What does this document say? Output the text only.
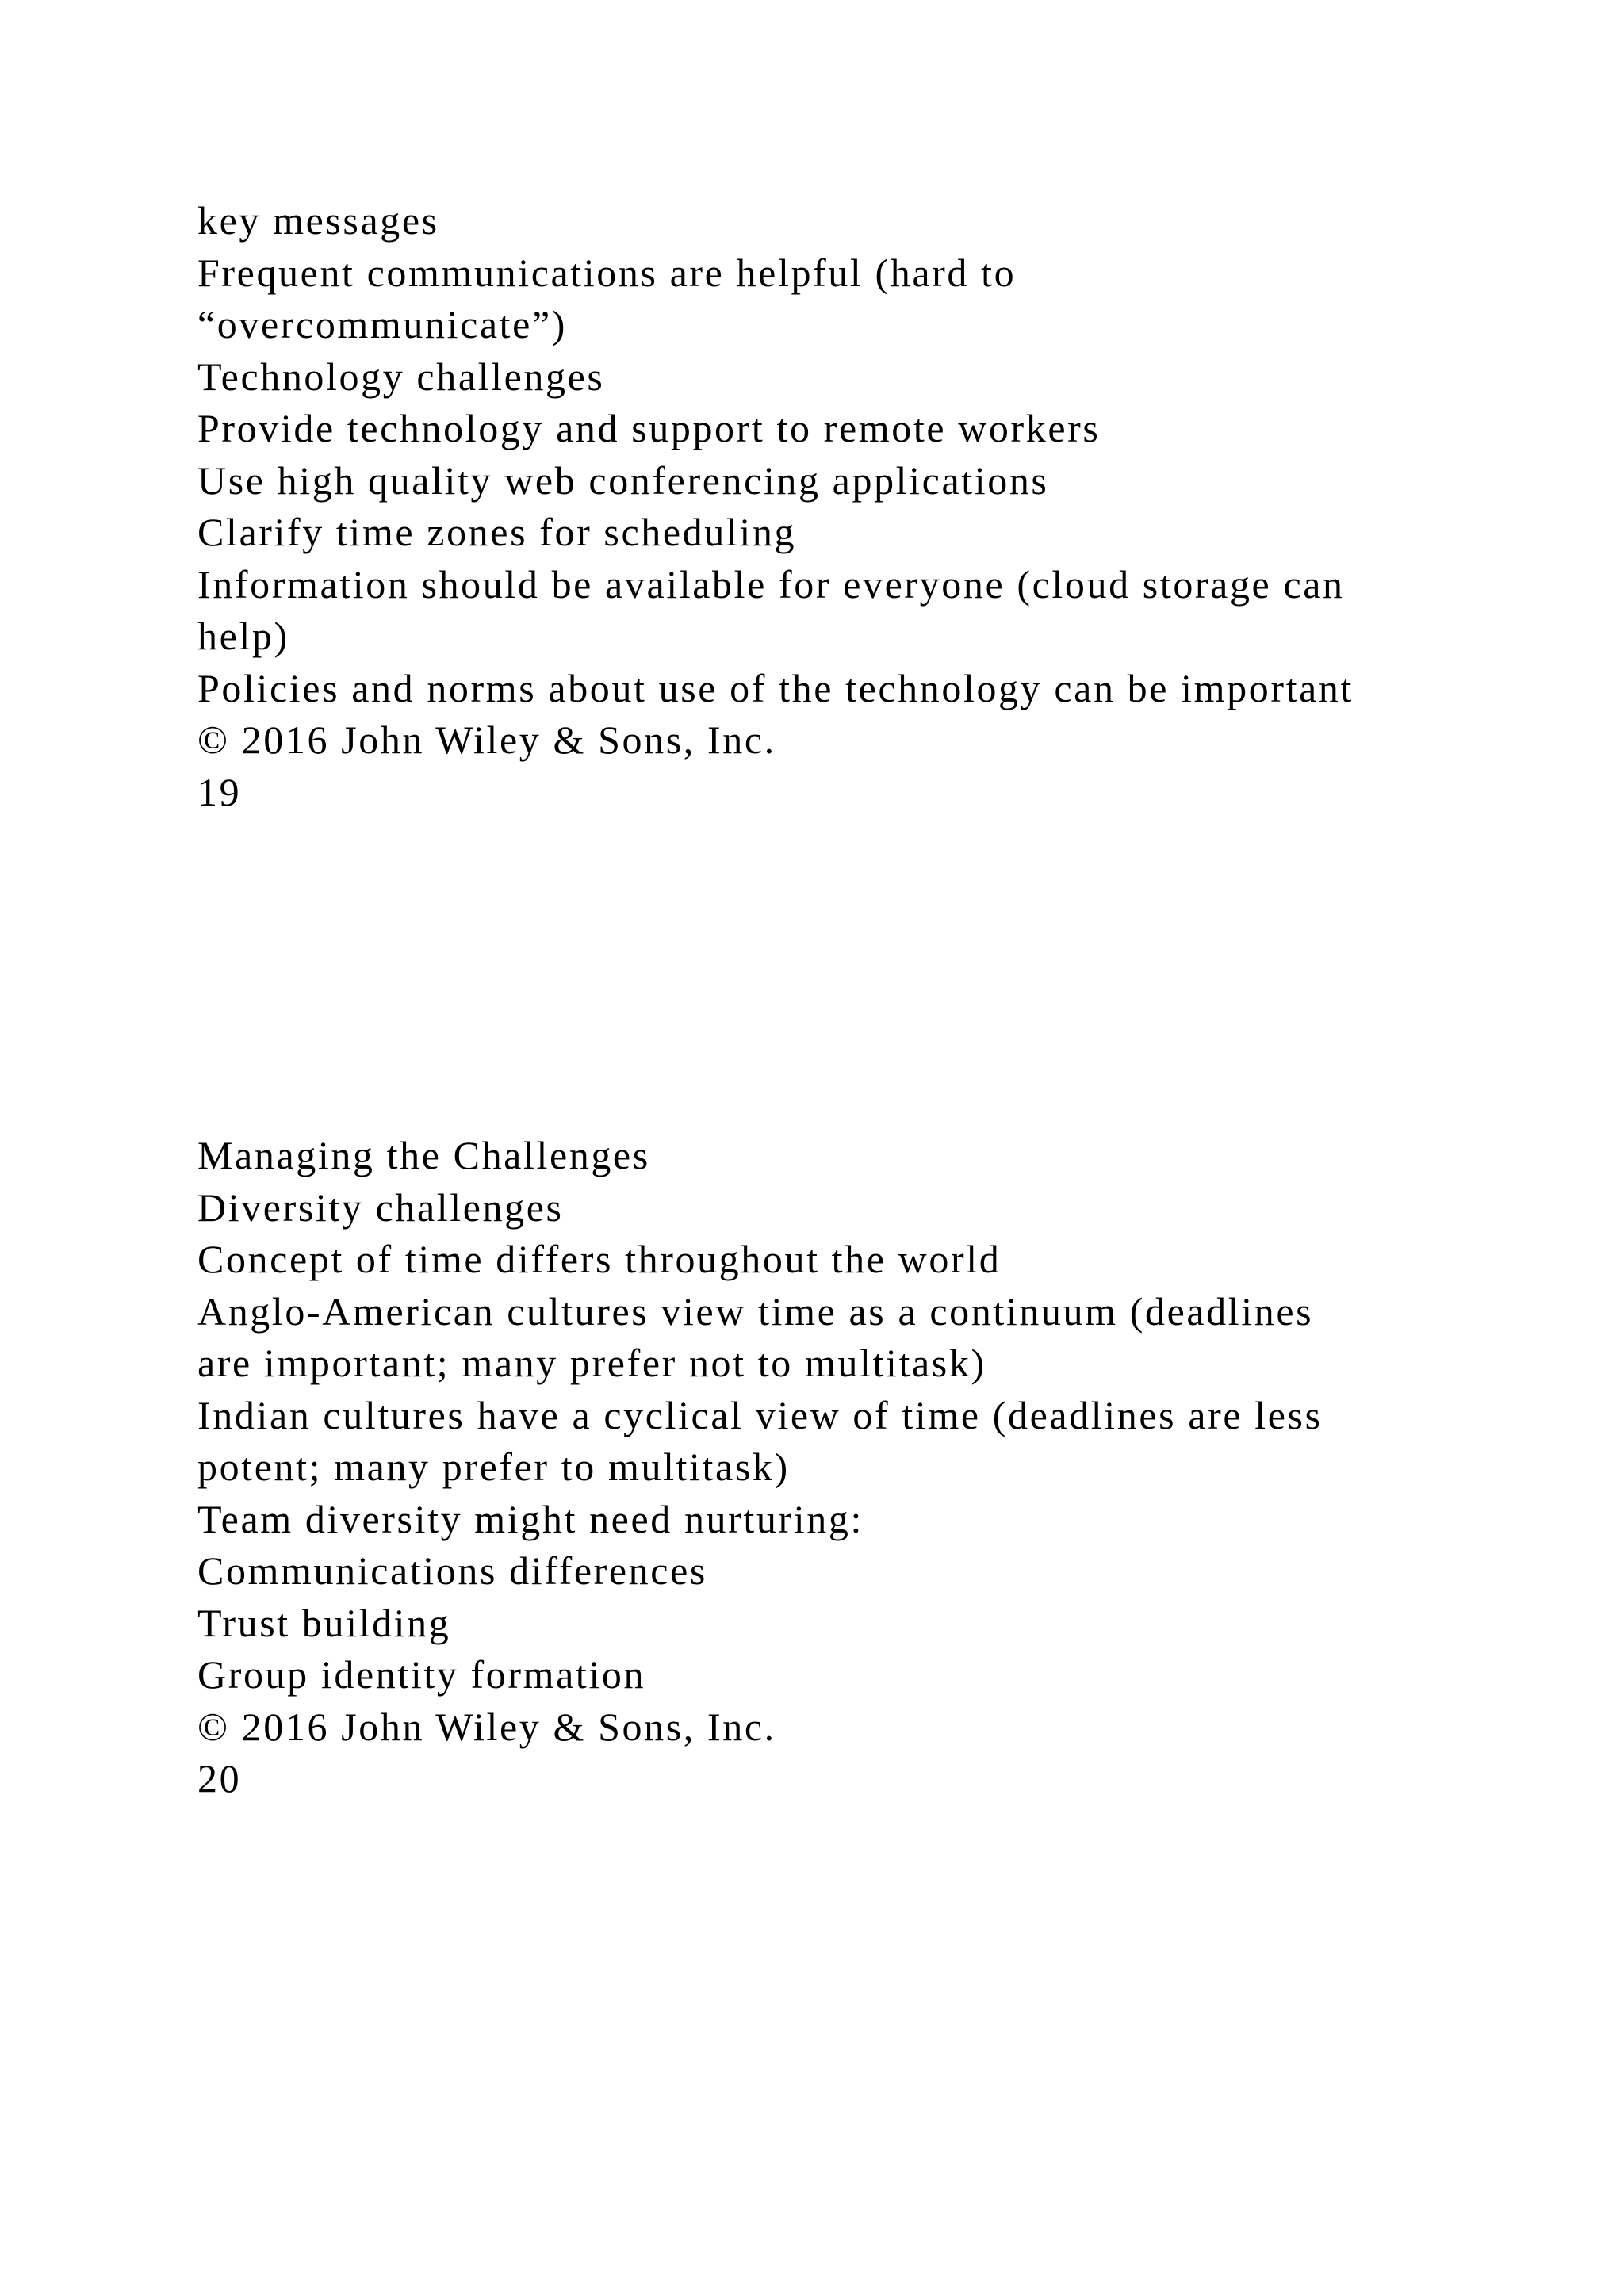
key messages
Frequent communications are helpful (hard to
“overcommunicate”)
Technology challenges
Provide technology and support to remote workers
Use high quality web conferencing applications
Clarify time zones for scheduling
Information should be available for everyone (cloud storage can
help)
Policies and norms about use of the technology can be important
© 2016 John Wiley & Sons, Inc.
19
Managing the Challenges
Diversity challenges
Concept of time differs throughout the world
Anglo-American cultures view time as a continuum (deadlines
are important; many prefer not to multitask)
Indian cultures have a cyclical view of time (deadlines are less
potent; many prefer to multitask)
Team diversity might need nurturing:
Communications differences
Trust building
Group identity formation
© 2016 John Wiley & Sons, Inc.
20
